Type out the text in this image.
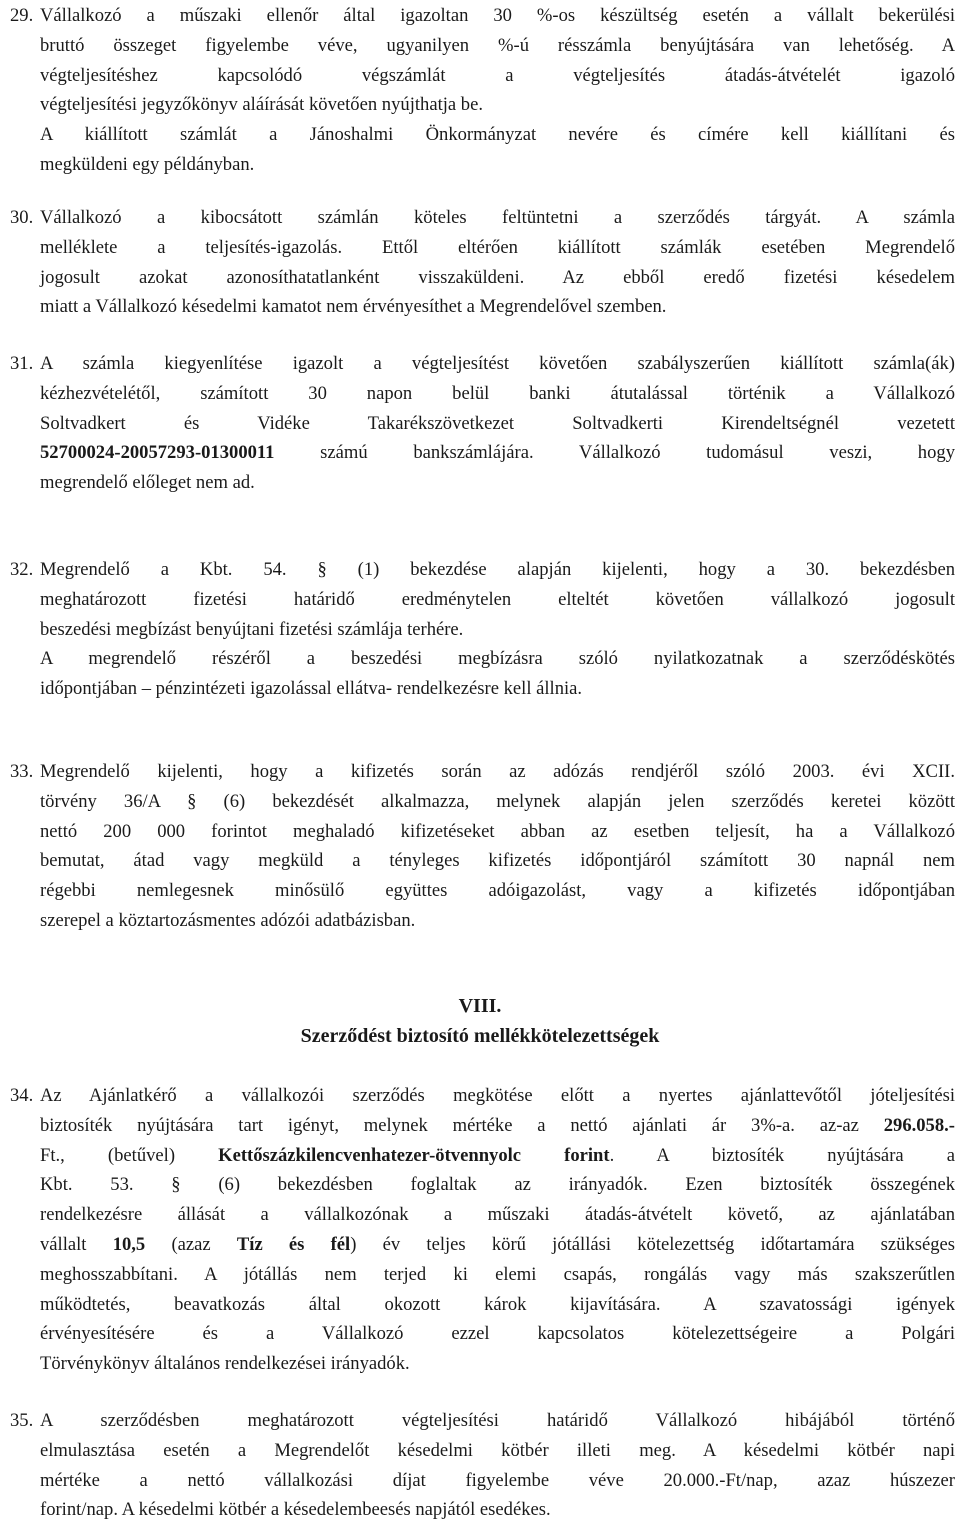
29. Vállalkozó a műszaki ellenőr által igazoltan 30 %-os készültség esetén a vállalt bekerülési
bruttó összeget figyelembe véve, ugyanilyen %-ú résszámla benyújtására van lehetőség. A
végteljesítéshez kapcsolódó végszámlát a végteljesítés átadás-átvételét igazoló
végteljesítési jegyzőkönyv aláírását követően nyújthatja be.
A kiállított számlát a Jánoshalmi Önkormányzat nevére és címére kell kiállítani és
megküldeni egy példányban.
30. Vállalkozó a kibocsátott számlán köteles feltüntetni a szerződés tárgyát. A számla
melléklete a teljesítés-igazolás. Ettől eltérően kiállított számlák esetében Megrendelő
jogosult azokat azonosíthatatlanként visszaküldeni. Az ebből eredő fizetési késedelem
miatt a Vállalkozó késedelmi kamatot nem érvényesíthet a Megrendelővel szemben.
31. A számla kiegyenlítése igazolt a végteljesítést követően szabályszerűen kiállított számla(ák)
kézhezvételétől, számított 30 napon belül banki átutalással történik a Vállalkozó
Soltvadkert és Vidéke Takarékszövetkezet Soltvadkerti Kirendeltségnél vezetett
52700024-20057293-01300011 számú bankszámlájára. Vállalkozó tudomásul veszi, hogy
megrendelő előleget nem ad.
32. Megrendelő a Kbt. 54. § (1) bekezdése alapján kijelenti, hogy a 30. bekezdésben
meghatározott fizetési határidő eredménytelen elteltét követően vállalkozó jogosult
beszedési megbízást benyújtani fizetési számlája terhére.
A megrendelő részéről a beszedési megbízásra szóló nyilatkozatnak a szerződéskötés
időpontjában – pénzintézeti igazolással ellátva- rendelkezésre kell állnia.
33. Megrendelő kijelenti, hogy a kifizetés során az adózás rendjéről szóló 2003. évi XCII.
törvény 36/A § (6) bekezdését alkalmazza, melynek alapján jelen szerződés keretei között
nettó 200 000 forintot meghaladó kifizetéseket abban az esetben teljesít, ha a Vállalkozó
bemutat, átad vagy megküld a tényleges kifizetés időpontjáról számított 30 napnál nem
régebbi nemlegesnek minősülő együttes adóigazolást, vagy a kifizetés időpontjában
szerepel a köztartozásmentes adózói adatbázisban.
VIII.
Szerződést biztosító mellékkötelezettségek
34. Az Ajánlatkérő a vállalkozói szerződés megkötése előtt a nyertes ajánlattevőtől jóteljesítési
biztosíték nyújtására tart igényt, melynek mértéke a nettó ajánlati ár 3%-a. az-az 296.058.-
Ft., (betűvel) Kettőszázkilencvenhatezer-ötvennyolc forint. A biztosíték nyújtására a
Kbt. 53. § (6) bekezdésben foglaltak az irányadók. Ezen biztosíték összegének
rendelkezésre állását a vállalkozónak a műszaki átadás-átvételt követő, az ajánlatában
vállalt 10,5 (azaz Tíz és fél) év teljes körű jótállási kötelezettség időtartamára szükséges
meghosszabbítani. A jótállás nem terjed ki elemi csapás, rongálás vagy más szakszerűtlen
működtetés, beavatkozás által okozott károk kijavítására. A szavatossági igények
érvényesítésére és a Vállalkozó ezzel kapcsolatos kötelezettségeire a Polgári
Törvénykönyv általános rendelkezései irányadók.
35. A szerződésben meghatározott végteljesítési határidő Vállalkozó hibájából történő
elmulasztása esetén a Megrendelőt késedelmi kötbér illeti meg. A késedelmi kötbér napi
mértéke a nettó vállalkozási díjat figyelembe véve 20.000.-Ft/nap, azaz húszezer
forint/nap. A késedelmi kötbér a késedelembeesés napjától esedékes.
